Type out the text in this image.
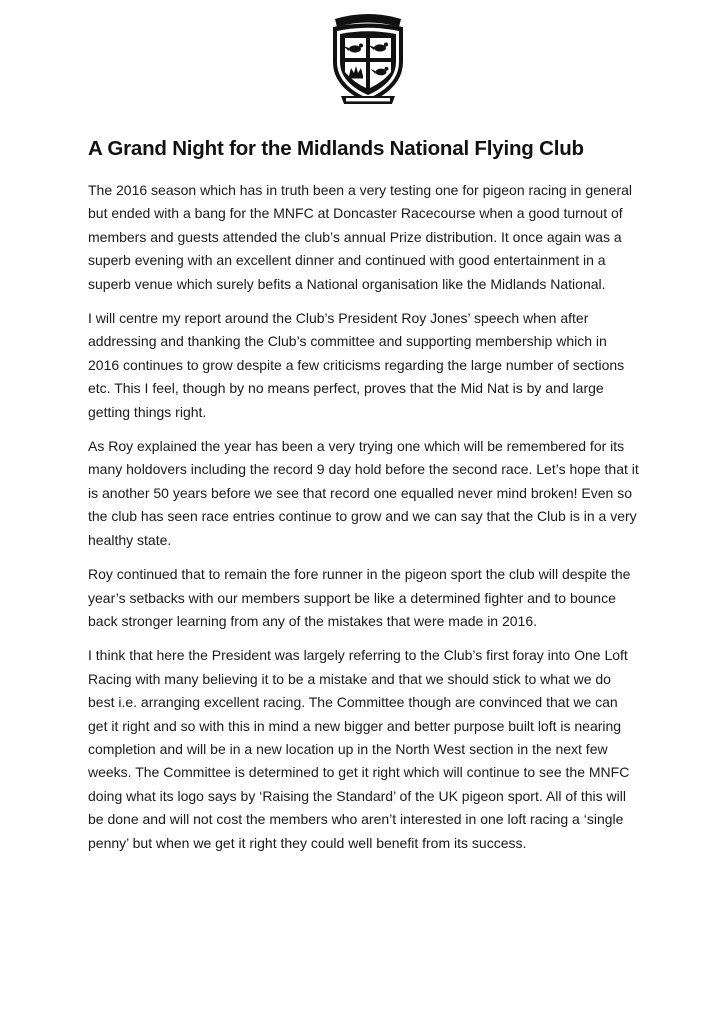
A Grand Night for the Midlands National Flying Club

The 2016 season which has in truth been a very testing one for pigeon racing in general but ended with a bang for the MNFC at Doncaster Racecourse when a good turnout of members and guests attended the club’s annual Prize distribution. It once again was a superb evening with an excellent dinner and continued with good entertainment in a superb venue which surely befits a National organisation like the Midlands National.

I will centre my report around the Club’s President Roy Jones’ speech when after addressing and thanking the Club’s committee and supporting membership which in 2016 continues to grow despite a few criticisms regarding the large number of sections etc. This I feel, though by no means perfect, proves that the Mid Nat is by and large getting things right.

As Roy explained the year has been a very trying one which will be remembered for its many holdovers including the record 9 day hold before the second race. Let’s hope that it is another 50 years before we see that record one equalled never mind broken! Even so the club has seen race entries continue to grow and we can say that the Club is in a very healthy state.

Roy continued that to remain the fore runner in the pigeon sport the club will despite the year’s setbacks with our members support be like a determined fighter and to bounce back stronger learning from any of the mistakes that were made in 2016.

I think that here the President was largely referring to the Club’s first foray into One Loft Racing with many believing it to be a mistake and that we should stick to what we do best i.e. arranging excellent racing. The Committee though are convinced that we can get it right and so with this in mind a new bigger and better purpose built loft is nearing completion and will be in a new location up in the North West section in the next few weeks. The Committee is determined to get it right which will continue to see the MNFC doing what its logo says by ‘Raising the Standard’ of the UK pigeon sport. All of this will be done and will not cost the members who aren’t interested in one loft racing a ‘single penny’ but when we get it right they could well benefit from its success.
